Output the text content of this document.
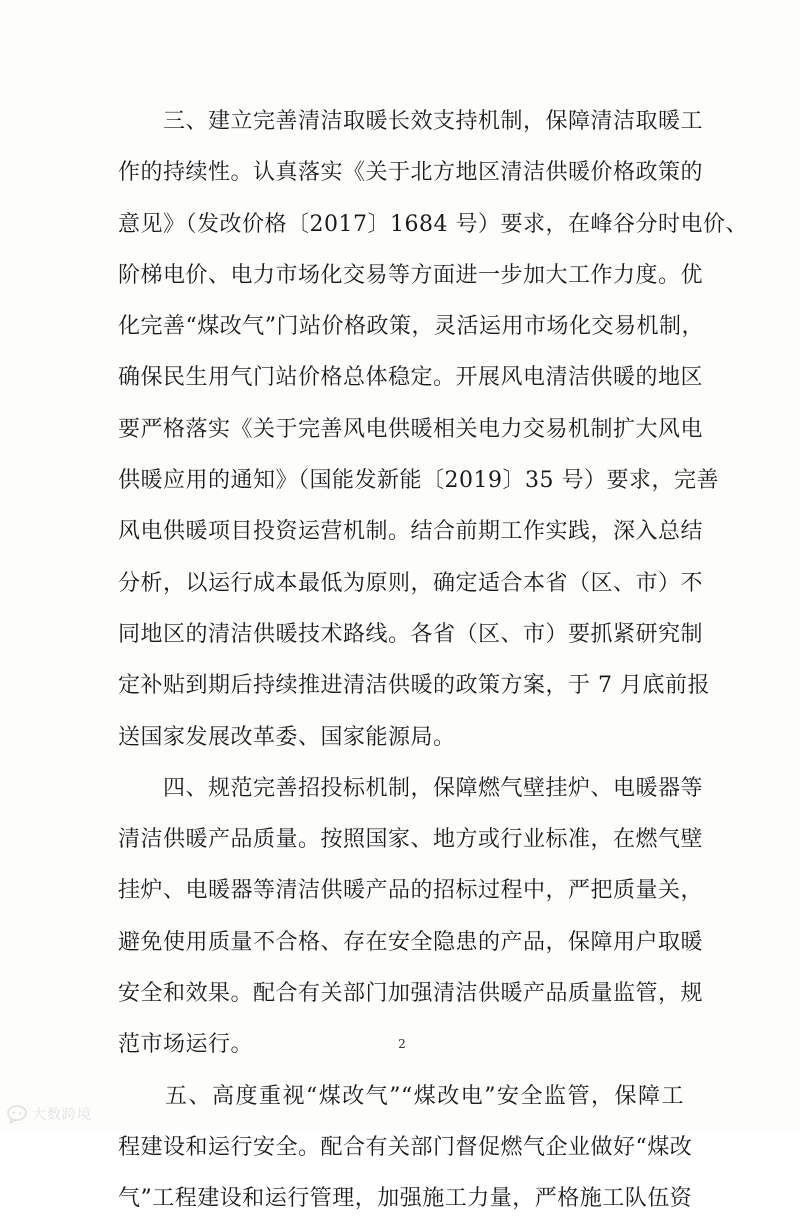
　　三、建立完善清洁取暖长效支持机制，保障清洁取暖工
作的持续性。认真落实《关于北方地区清洁供暖价格政策的
意见》（发改价格〔2017〕1684 号）要求，在峰谷分时电价、
阶梯电价、电力市场化交易等方面进一步加大工作力度。优
化完善“煤改气”门站价格政策，灵活运用市场化交易机制，
确保民生用气门站价格总体稳定。开展风电清洁供暖的地区
要严格落实《关于完善风电供暖相关电力交易机制扩大风电
供暖应用的通知》（国能发新能〔2019〕35 号）要求，完善
风电供暖项目投资运营机制。结合前期工作实践，深入总结
分析，以运行成本最低为原则，确定适合本省（区、市）不
同地区的清洁供暖技术路线。各省（区、市）要抓紧研究制
定补贴到期后持续推进清洁供暖的政策方案，于 7 月底前报
送国家发展改革委、国家能源局。
　　四、规范完善招投标机制，保障燃气壁挂炉、电暖器等
清洁供暖产品质量。按照国家、地方或行业标准，在燃气壁
挂炉、电暖器等清洁供暖产品的招标过程中，严把质量关，
避免使用质量不合格、存在安全隐患的产品，保障用户取暖
安全和效果。配合有关部门加强清洁供暖产品质量监管，规
范市场运行。
　　五、高度重视“煤改气”“煤改电”安全监管，保障工
程建设和运行安全。配合有关部门督促燃气企业做好“煤改
气”工程建设和运行管理，加强施工力量，严格施工队伍资
2
大数跨境
